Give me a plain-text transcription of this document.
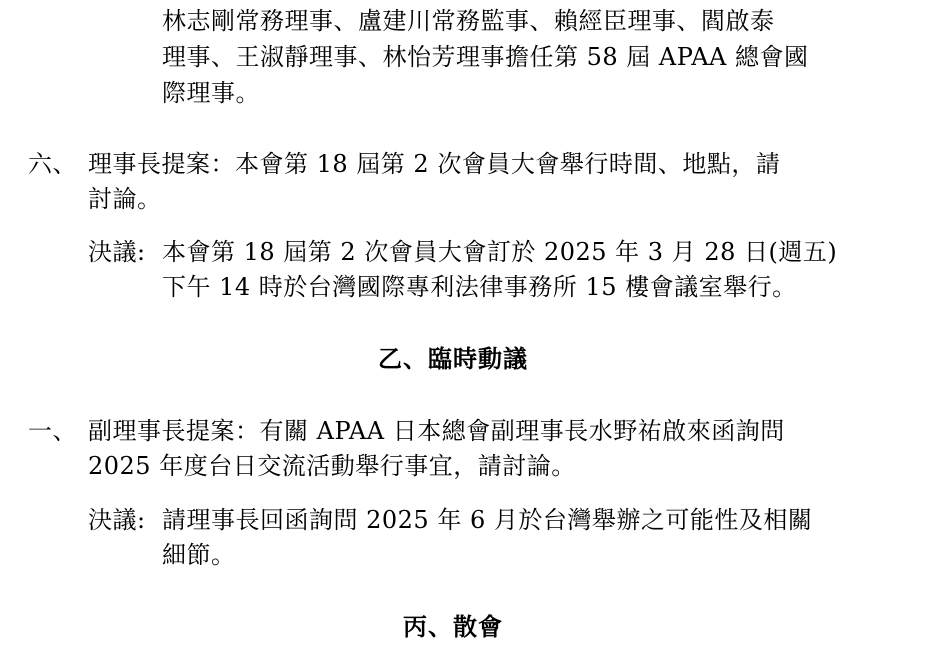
林志剛常務理事、盧建川常務監事、賴經臣理事、閻啟泰
理事、王淑靜理事、林怡芳理事擔任第 58 屆 APAA 總會國
際理事。
六、 理事長提案：本會第 18 屆第 2 次會員大會舉行時間、地點，請
討論。
決議: 本會第 18 屆第 2 次會員大會訂於 2025 年 3 月 28 日(週五)
下午 14 時於台灣國際專利法律事務所 15 樓會議室舉行。
乙、臨時動議
一、 副理事長提案：有關 APAA 日本總會副理事長水野祐啟來函詢問
2025 年度台日交流活動舉行事宜，請討論。
決議: 請理事長回函詢問 2025 年 6 月於台灣舉辦之可能性及相關
細節。
丙、散會
